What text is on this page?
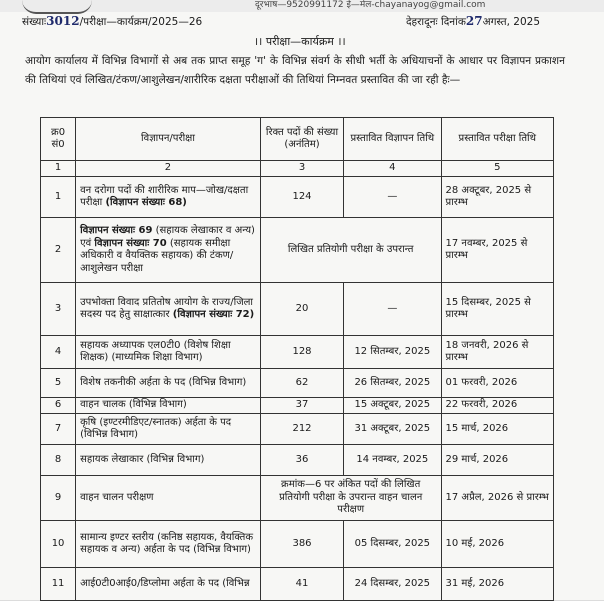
दूरभाष—9520991172 ई—मेल-chayanayog@gmail.com
संख्याः3012/परीक्षा—कार्यक्रम/2025—26	देहरादूनः दिनांक27अगस्त, 2025
।। परीक्षा—कार्यक्रम ।।
आयोग कार्यालय में विभिन्न विभागों से अब तक प्राप्त समूह 'ग' के विभिन्न संवर्ग के सीधी भर्ती के अधियाचनों के आधार पर विज्ञापन प्रकाशन की तिथियां एवं लिखित/टंकण/आशुलेखन/शारीरिक दक्षता परीक्षाओं की तिथियां निम्नवत प्रस्तावित की जा रही हैः—
क्र0 सं0	विज्ञापन/परीक्षा	रिक्त पदों की संख्या (अनंतिम)	प्रस्तावित विज्ञापन तिथि	प्रस्तावित परीक्षा तिथि
1	2	3	4	5
1	वन दरोगा पदों की शारीरिक माप—जोख/दक्षता परीक्षा (विज्ञापन संख्याः 68)	124	—	28 अक्टूबर, 2025 से प्रारम्भ
2	विज्ञापन संख्याः 69 (सहायक लेखाकार व अन्य) एवं विज्ञापन संख्याः 70 (सहायक समीक्षा अधिकारी व वैयक्तिक सहायक) की टंकण/आशुलेखन परीक्षा	लिखित प्रतियोगी परीक्षा के उपरान्त		17 नवम्बर, 2025 से प्रारम्भ
3	उपभोक्ता विवाद प्रतितोष आयोग के राज्य/जिला सदस्य पद हेतु साक्षात्कार (विज्ञापन संख्याः 72)	20	—	15 दिसम्बर, 2025 से प्रारम्भ
4	सहायक अध्यापक एल0टी0 (विशेष शिक्षा शिक्षक) (माध्यमिक शिक्षा विभाग)	128	12 सितम्बर, 2025	18 जनवरी, 2026 से प्रारम्भ
5	विशेष तकनीकी अर्हता के पद (विभिन्न विभाग)	62	26 सितम्बर, 2025	01 फरवरी, 2026
6	वाहन चालक (विभिन्न विभाग)	37	15 अक्टूबर, 2025	22 फरवरी, 2026
7	कृषि (इण्टरमीडिएट/स्नातक) अर्हता के पद (विभिन्न विभाग)	212	31 अक्टूबर, 2025	15 मार्च, 2026
8	सहायक लेखाकार (विभिन्न विभाग)	36	14 नवम्बर, 2025	29 मार्च, 2026
9	वाहन चालन परीक्षण	क्रमांक—6 पर अंकित पदों की लिखित प्रतियोगी परीक्षा के उपरान्त वाहन चालन परीक्षण		17 अप्रैल, 2026 से प्रारम्भ
10	सामान्य इण्टर स्तरीय (कनिष्ठ सहायक, वैयक्तिक सहायक व अन्य) अर्हता के पद (विभिन्न विभाग)	386	05 दिसम्बर, 2025	10 मई, 2026
11	आई0टी0आई0/डिप्लोमा अर्हता के पद (विभिन्न	41	24 दिसम्बर, 2025	31 मई, 2026
